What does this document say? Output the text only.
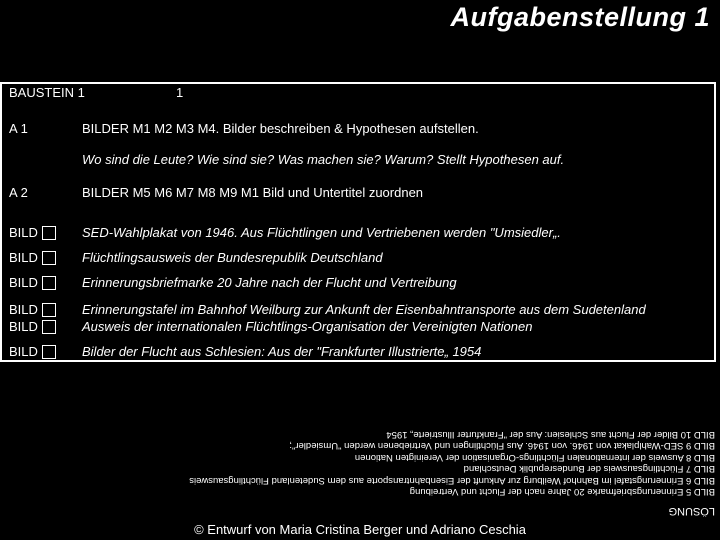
Aufgabenstellung 1
BAUSTEIN 1	1
A 1	BILDER M1 M2 M3 M4. Bilder beschreiben & Hypothesen aufstellen.
Wo sind die Leute? Wie sind sie? Was machen sie? Warum? Stellt Hypothesen auf.
A 2	BILDER M5 M6 M7 M8 M9 M1 Bild und Untertitel zuordnen
BILD	SED-Wahlplakat von 1946. Aus Flüchtlingen und Vertriebenen werden "Umsiedler„.
BILD	Flüchtlingsausweis der Bundesrepublik Deutschland
BILD	Erinnerungsbriefmarke 20 Jahre nach der Flucht und Vertreibung
BILD	Erinnerungstafel im Bahnhof Weilburg zur Ankunft der Eisenbahntransporte aus dem Sudetenland
BILD	Ausweis der internationalen Flüchtlings-Organisation der Vereinigten Nationen
BILD	Bilder der Flucht aus Schlesien: Aus der "Frankfurter Illustrierte„ 1954
LÖSUNG
BILD 5 Erinnerungsbriefmarke 20 Jahre nach der Flucht und Vertreibung
BILD 6 Erinnerungstafel im Bahnhof Weilburg zur Ankunft der Eisenbahntransporte aus dem Sudetenland Flüchtlingsausweis
BILD 7 Flüchtlingsausweis der Bundesrepublik Deutschland
BILD 8 Ausweis der internationalen Flüchtlings-Organisation der Vereinigten Nationen
BILD 9 SED-Wahlplakat von 1946. von 1946. Aus Flüchtlingen und Vertriebenen werden "Umsiedler";
BILD 10 Bilder der Flucht aus Schlesien: Aus der "Frankfurter Illustrierte„ 1954
© Entwurf von Maria Cristina Berger und Adriano Ceschia
